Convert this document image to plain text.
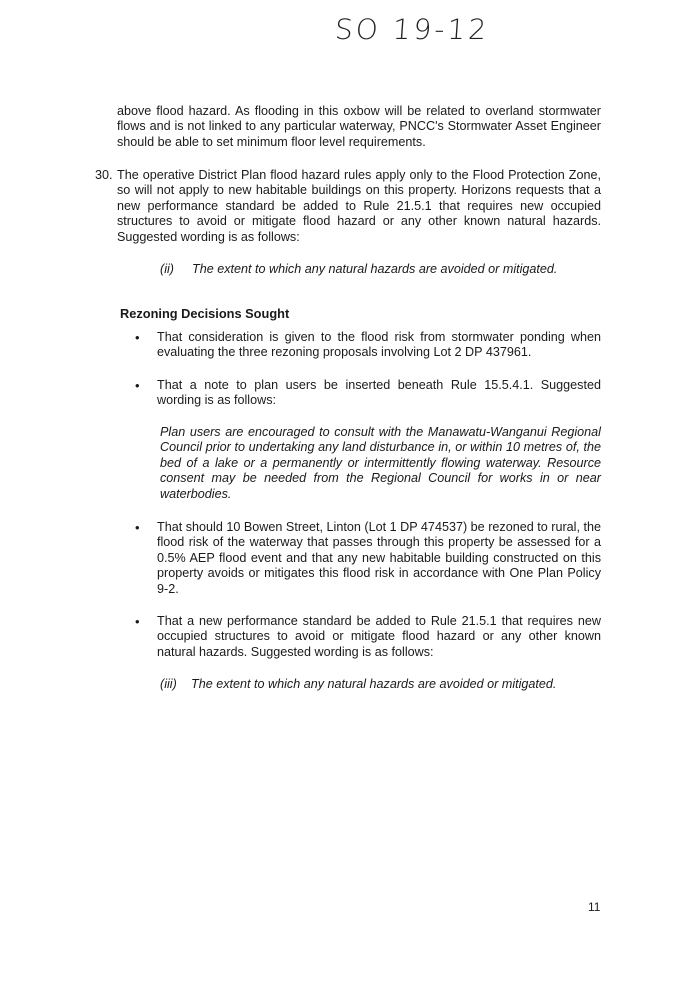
SO 19-12
above flood hazard. As flooding in this oxbow will be related to overland stormwater flows and is not linked to any particular waterway, PNCC's Stormwater Asset Engineer should be able to set minimum floor level requirements.
30. The operative District Plan flood hazard rules apply only to the Flood Protection Zone, so will not apply to new habitable buildings on this property. Horizons requests that a new performance standard be added to Rule 21.5.1 that requires new occupied structures to avoid or mitigate flood hazard or any other known natural hazards. Suggested wording is as follows:
(ii) The extent to which any natural hazards are avoided or mitigated.
Rezoning Decisions Sought
• That consideration is given to the flood risk from stormwater ponding when evaluating the three rezoning proposals involving Lot 2 DP 437961.
• That a note to plan users be inserted beneath Rule 15.5.4.1. Suggested wording is as follows:
Plan users are encouraged to consult with the Manawatu-Wanganui Regional Council prior to undertaking any land disturbance in, or within 10 metres of, the bed of a lake or a permanently or intermittently flowing waterway. Resource consent may be needed from the Regional Council for works in or near waterbodies.
• That should 10 Bowen Street, Linton (Lot 1 DP 474537) be rezoned to rural, the flood risk of the waterway that passes through this property be assessed for a 0.5% AEP flood event and that any new habitable building constructed on this property avoids or mitigates this flood risk in accordance with One Plan Policy 9-2.
• That a new performance standard be added to Rule 21.5.1 that requires new occupied structures to avoid or mitigate flood hazard or any other known natural hazards. Suggested wording is as follows:
(iii) The extent to which any natural hazards are avoided or mitigated.
11
